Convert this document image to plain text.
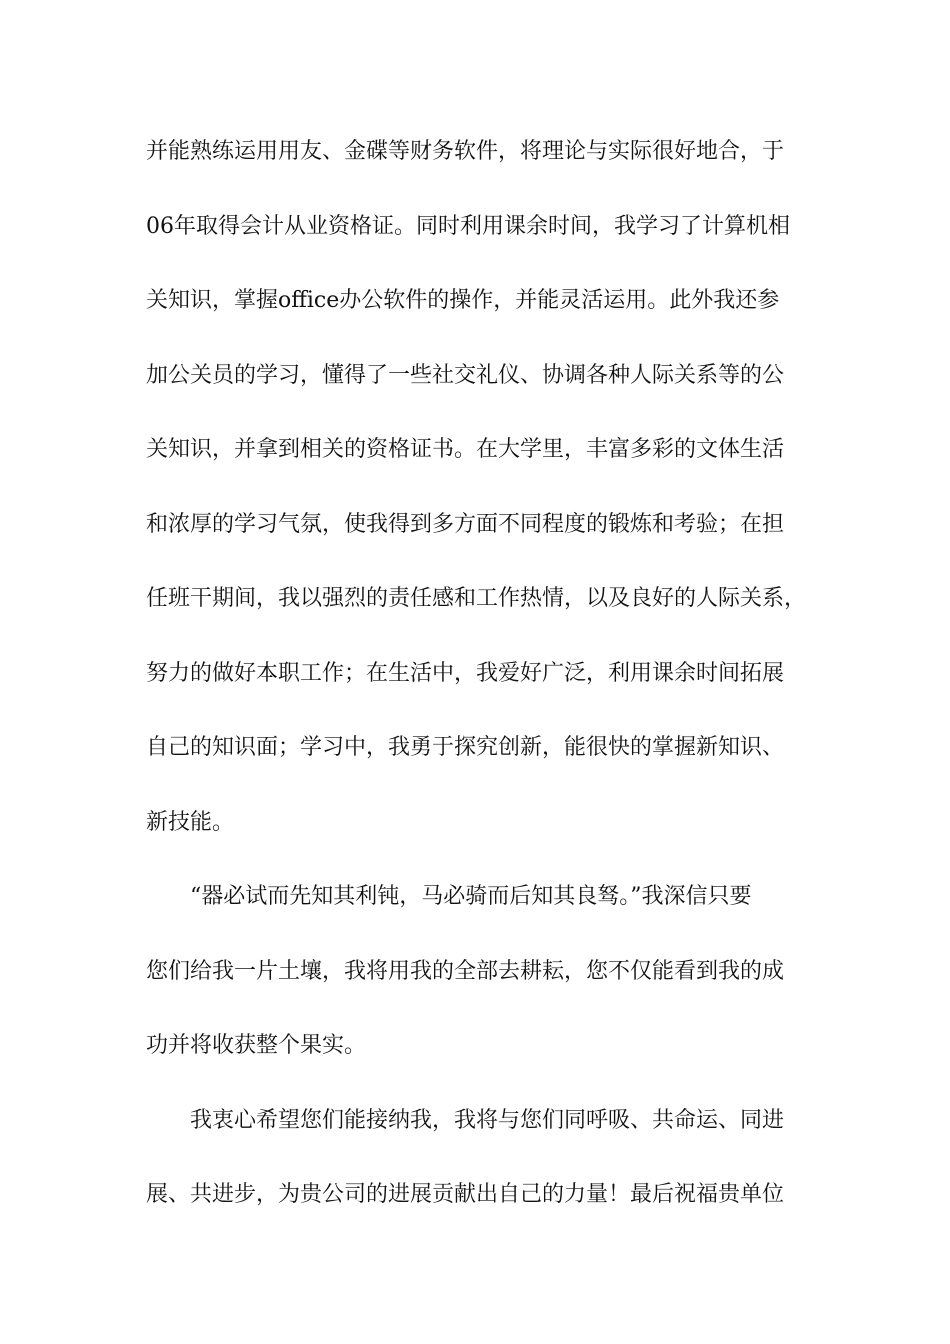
并能熟练运用用友、金碟等财务软件，将理论与实际很好地合，于
06年取得会计从业资格证。同时利用课余时间，我学习了计算机相
关知识，掌握office办公软件的操作，并能灵活运用。此外我还参
加公关员的学习，懂得了一些社交礼仪、协调各种人际关系等的公
关知识，并拿到相关的资格证书。在大学里，丰富多彩的文体生活
和浓厚的学习气氛，使我得到多方面不同程度的锻炼和考验；在担
任班干期间，我以强烈的责任感和工作热情，以及良好的人际关系，
努力的做好本职工作；在生活中，我爱好广泛，利用课余时间拓展
自己的知识面；学习中，我勇于探究创新，能很快的掌握新知识、
新技能。
“器必试而先知其利钝，马必骑而后知其良驽。”我深信只要
您们给我一片土壤，我将用我的全部去耕耘，您不仅能看到我的成
功并将收获整个果实。
我衷心希望您们能接纳我，我将与您们同呼吸、共命运、同进
展、共进步，为贵公司的进展贡献出自己的力量！最后祝福贵单位
